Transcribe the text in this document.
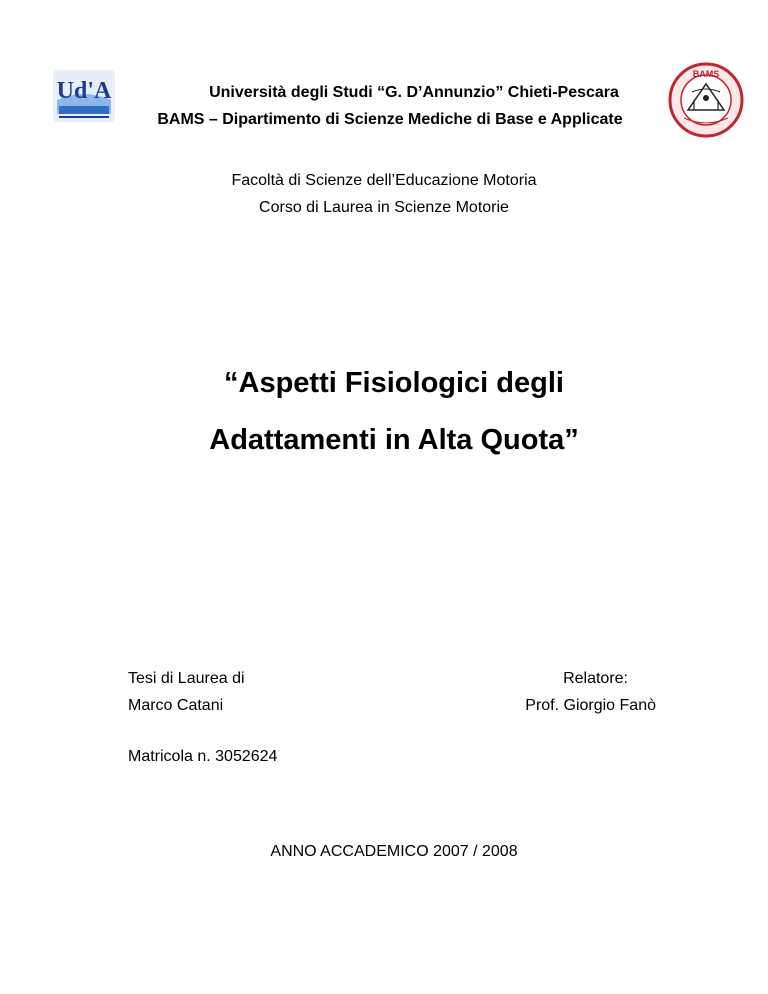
Ud'A
BAMS
Università degli Studi “G. D’Annunzio” Chieti-Pescara
BAMS – Dipartimento di Scienze Mediche di Base e Applicate
Facoltà di Scienze dell’Educazione Motoria
Corso di Laurea in Scienze Motorie
“Aspetti Fisiologici degli
Adattamenti in Alta Quota”
Tesi di Laurea di
Marco Catani
Relatore:
Prof. Giorgio Fanò
Matricola n. 3052624
ANNO ACCADEMICO 2007 / 2008
